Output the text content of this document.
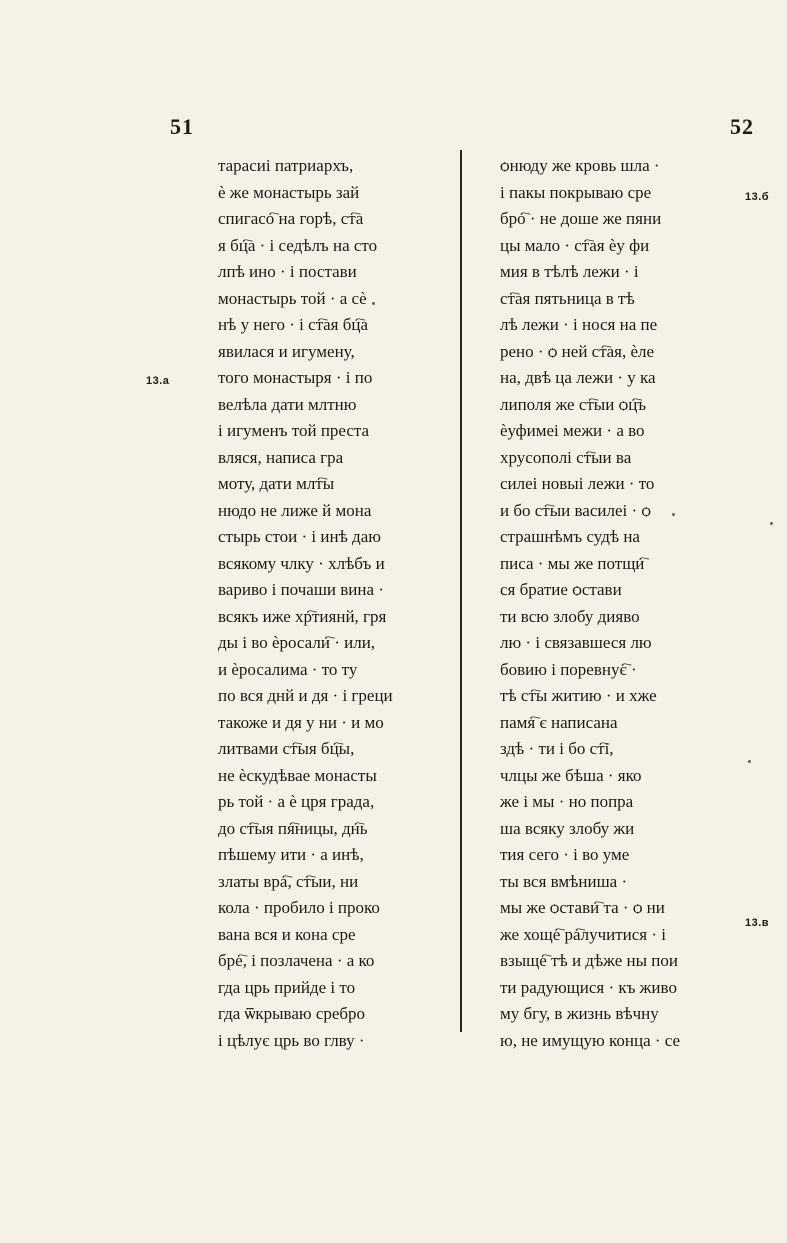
51	52
13.a
13.б
13.в
тарасиі патриархъ,
ѐ же монастырь зай
спигасо҇ на горѣ, ст҇а
я бц҇а · і седѣлъ на сто
лпѣ ино · і постави
монастырь той · а сѐ
нѣ у него · і ст҇ая бц҇а
явилася и игумену,
того монастыря · і по
велѣла дати млтню
і игуменъ той преста
вляся, написа гра
моту, дати млт҇ы
нюдо не лиже й мона
стырь стои · і инѣ даю
всякому члку · хлѣбъ и
вариво і почаши вина ·
всякъ иже хр҇тиянй, гря
ды і во ѐросали҇ · или,
и ѐросалима · то ту
по вся днй и дя · і греци
такоже и дя у ни · и мо
литвами ст҇ыя бц҇ы,
не ѐскудѣвае монасты
рь той · а ѐ цря града,
до ст҇ыя пя҇ницы, дн҇ь
пѣшему ити · а инѣ,
златы вра҇, ст҇ыи, ни
кола · пробило і проко
вана вся и кона сре
бре҇, і позлачена · а ко
гда црь прийде і то
гда ѿкрываю сребро
і цѣлує црь во глву ·
ѻнюду же кровь шла ·
і пакы покрываю сре
бро҇ · не доше же пяни
цы мало · ст҇ая ѐу фи
мия в тѣлѣ лежи · і
ст҇ая пятьница в тѣ
лѣ лежи · і нося на пе
рено · ѻ ней ст҇ая, ѐле
на, двѣ ца лежи · у ка
липоля же ст҇ыи ѻц҇ъ
ѐуфимеі межи · а во
хрусополі ст҇ыи ва
силеі новыі лежи · то
и бо ст҇ыи василеі · ѻ
страшнѣмъ судѣ на
писа · мы же потщи҇
ся братие ѻстави
ти всю злобу дияво
лю · і связавшеся лю
бовию і поревнує҇ ·
тѣ ст҇ы житию · и хже
памя҇ є написана
здѣ · ти і бо ст҇і,
члцы же бѣша · яко
же і мы · но попра
ша всяку злобу жи
тия сего · і во уме
ты вся вмѣниша ·
мы же ѻстави҇ та · ѻ ни
же хоще҇ ра҇лучитися · і
взыще҇ тѣ и дѣже ны пои
ти радующися · къ живо
му бгу, в жизнь вѣчну
ю, не имущую конца · се
